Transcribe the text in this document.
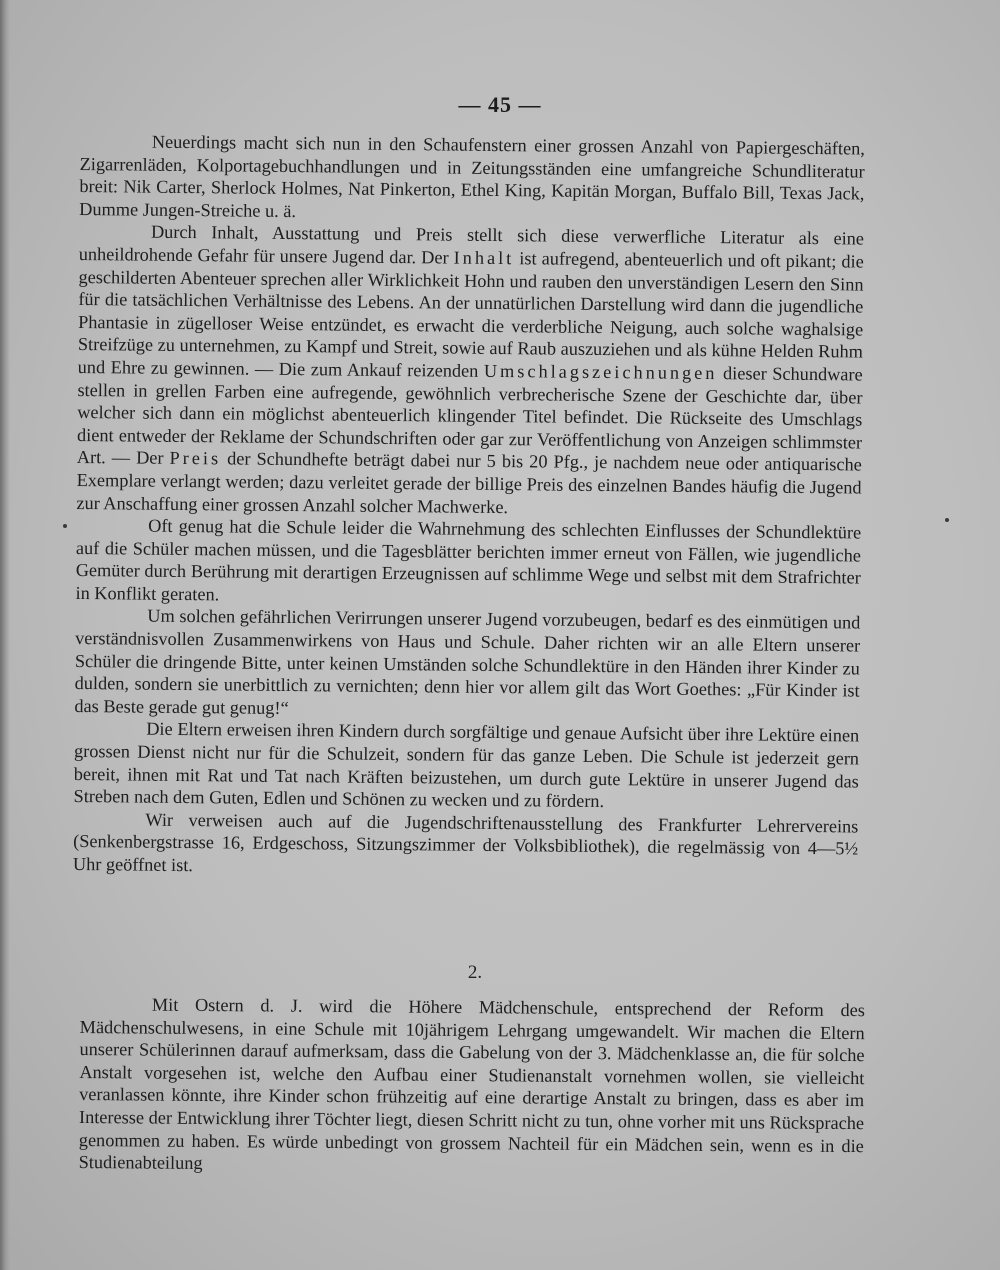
— 45 —

Neuerdings macht sich nun in den Schaufenstern einer grossen Anzahl von Papiergeschäften, Zigarrenläden, Kolportagebuchhandlungen und in Zeitungsständen eine umfangreiche Schundliteratur breit: Nik Carter, Sherlock Holmes, Nat Pinkerton, Ethel King, Kapitän Morgan, Buffalo Bill, Texas Jack, Dumme Jungen-Streiche u. ä.

Durch Inhalt, Ausstattung und Preis stellt sich diese verwerfliche Literatur als eine unheildrohende Gefahr für unsere Jugend dar. Der Inhalt ist aufregend, abenteuerlich und oft pikant; die geschilderten Abenteuer sprechen aller Wirklichkeit Hohn und rauben den unverständigen Lesern den Sinn für die tatsächlichen Verhältnisse des Lebens. An der unnatürlichen Darstellung wird dann die jugendliche Phantasie in zügelloser Weise entzündet, es erwacht die verderbliche Neigung, auch solche waghalsige Streifzüge zu unternehmen, zu Kampf und Streit, sowie auf Raub auszuziehen und als kühne Helden Ruhm und Ehre zu gewinnen. — Die zum Ankauf reizenden Umschlagszeichnungen dieser Schundware stellen in grellen Farben eine aufregende, gewöhnlich verbrecherische Szene der Geschichte dar, über welcher sich dann ein möglichst abenteuerlich klingender Titel befindet. Die Rückseite des Umschlags dient entweder der Reklame der Schundschriften oder gar zur Veröffentlichung von Anzeigen schlimmster Art. — Der Preis der Schundhefte beträgt dabei nur 5 bis 20 Pfg., je nachdem neue oder antiquarische Exemplare verlangt werden; dazu verleitet gerade der billige Preis des einzelnen Bandes häufig die Jugend zur Anschaffung einer grossen Anzahl solcher Machwerke.

Oft genug hat die Schule leider die Wahrnehmung des schlechten Einflusses der Schundlektüre auf die Schüler machen müssen, und die Tagesblätter berichten immer erneut von Fällen, wie jugendliche Gemüter durch Berührung mit derartigen Erzeugnissen auf schlimme Wege und selbst mit dem Strafrichter in Konflikt geraten.

Um solchen gefährlichen Verirrungen unserer Jugend vorzubeugen, bedarf es des einmütigen und verständnisvollen Zusammenwirkens von Haus und Schule. Daher richten wir an alle Eltern unserer Schüler die dringende Bitte, unter keinen Umständen solche Schundlektüre in den Händen ihrer Kinder zu dulden, sondern sie unerbittlich zu vernichten; denn hier vor allem gilt das Wort Goethes: „Für Kinder ist das Beste gerade gut genug!“

Die Eltern erweisen ihren Kindern durch sorgfältige und genaue Aufsicht über ihre Lektüre einen grossen Dienst nicht nur für die Schulzeit, sondern für das ganze Leben. Die Schule ist jederzeit gern bereit, ihnen mit Rat und Tat nach Kräften beizustehen, um durch gute Lektüre in unserer Jugend das Streben nach dem Guten, Edlen und Schönen zu wecken und zu fördern.

Wir verweisen auch auf die Jugendschriftenausstellung des Frankfurter Lehrervereins (Senkenbergstrasse 16, Erdgeschoss, Sitzungszimmer der Volksbibliothek), die regelmässig von 4—5½ Uhr geöffnet ist.

2.

Mit Ostern d. J. wird die Höhere Mädchenschule, entsprechend der Reform des Mädchenschulwesens, in eine Schule mit 10jährigem Lehrgang umgewandelt. Wir machen die Eltern unserer Schülerinnen darauf aufmerksam, dass die Gabelung von der 3. Mädchenklasse an, die für solche Anstalt vorgesehen ist, welche den Aufbau einer Studienanstalt vornehmen wollen, sie vielleicht veranlassen könnte, ihre Kinder schon frühzeitig auf eine derartige Anstalt zu bringen, dass es aber im Interesse der Entwicklung ihrer Töchter liegt, diesen Schritt nicht zu tun, ohne vorher mit uns Rücksprache genommen zu haben. Es würde unbedingt von grossem Nachteil für ein Mädchen sein, wenn es in die Studienabteilung
